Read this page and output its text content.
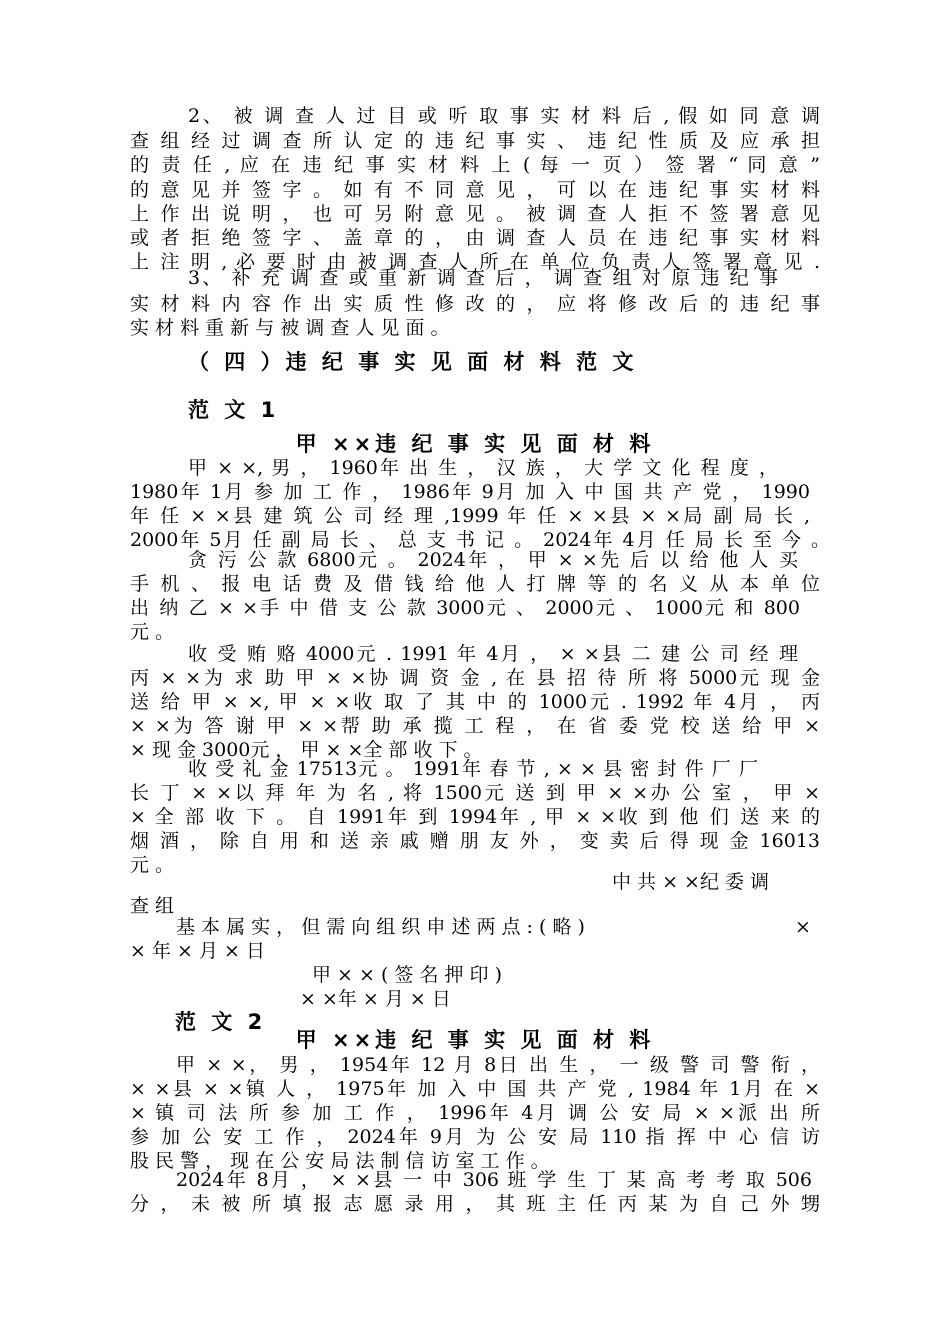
2、 被 调 查 人 过 目 或 听 取 事 实 材 料 后 , 假 如 同 意 调
查 组 经 过 调 查 所 认 定 的 违 纪 事 实 、 违 纪 性 质 及 应 承 担
的 责 任 , 应 在 违 纪 事 实 材 料 上 ( 每 一 页 ） 签 署 “ 同 意 ”
的 意 见 并 签 字 。 如 有 不 同 意 见 ， 可 以 在 违 纪 事 实 材 料
上 作 出 说 明 ， 也 可 另 附 意 见 。 被 调 查 人 拒 不 签 署 意 见
或 者 拒 绝 签 字 、 盖 章 的 ， 由 调 查 人 员 在 违 纪 事 实 材 料
上 注 明 , 必 要 时 由 被 调 查 人 所 在 单 位 负 责 人 签 署 意 见 .
3、 补 充 调 查 或 重 新 调 查 后 ， 调 查 组 对 原 违 纪 事
实 材 料 内 容 作 出 实 质 性 修 改 的 ， 应 将 修 改 后 的 违 纪 事
实 材 料 重 新 与 被 调 查 人 见 面 。
（ 四 ）违 纪 事 实 见 面 材 料 范 文
范 文 1
甲 ××违 纪 事 实 见 面 材 料
甲 × ×, 男 ， 1960年 出 生 ， 汉 族 ， 大 学 文 化 程 度 ，
1980年 1月 参 加 工 作 ， 1986年 9月 加 入 中 国 共 产 党 ， 1990
年 任 × ×县 建 筑 公 司 经 理 ,1999 年 任 × ×县 × ×局 副 局 长 ,
2000年 5月 任 副 局 长 、 总 支 书 记 。 2024年 4月 任 局 长 至 今 。
贪 污 公 款 6800元 。 2024年 ， 甲 × ×先 后 以 给 他 人 买
手 机 、 报 电 话 费 及 借 钱 给 他 人 打 牌 等 的 名 义 从 本 单 位
出 纳 乙 × ×手 中 借 支 公 款 3000元 、 2000元 、 1000元 和 800
元 。
收 受 贿 赂 4000元 . 1991 年 4月 ， × ×县 二 建 公 司 经 理
丙 × ×为 求 助 甲 × ×协 调 资 金 , 在 县 招 待 所 将 5000元 现 金
送 给 甲 × ×, 甲 × ×收 取 了 其 中 的 1000元 . 1992 年 4月 ， 丙
× ×为 答 谢 甲 × ×帮 助 承 揽 工 程 ， 在 省 委 党 校 送 给 甲 ×
× 现 金 3000元 ， 甲 × ×全 部 收 下 。
收 受 礼 金 17513元 。 1991年 春 节 , × × 县 密 封 件 厂 厂
长 丁 × ×以 拜 年 为 名 , 将 1500元 送 到 甲 × ×办 公 室 ， 甲 ×
× 全 部 收 下 。 自 1991年 到 1994年 , 甲 × ×收 到 他 们 送 来 的
烟 酒 ， 除 自 用 和 送 亲 戚 赠 朋 友 外 ， 变 卖 后 得 现 金 16013
元 。
中 共 × ×纪 委 调
查 组
基 本 属 实 ， 但 需 向 组 织 申 述 两 点 : ( 略 )	×
× 年 × 月 × 日
甲 × × ( 签 名 押 印 )
× ×年 × 月 × 日
范 文 2
甲 ××违 纪 事 实 见 面 材 料
甲 × ×， 男 ， 1954年 12 月 8日 出 生 ， 一 级 警 司 警 衔 ，
× ×县 × ×镇 人 ， 1975年 加 入 中 国 共 产 党 , 1984 年 1月 在 ×
× 镇 司 法 所 参 加 工 作 ， 1996年 4月 调 公 安 局 × ×派 出 所
参 加 公 安 工 作 ， 2024年 9月 为 公 安 局 110 指 挥 中 心 信 访
股 民 警 ， 现 在 公 安 局 法 制 信 访 室 工 作 。
2024年 8月 ， × ×县 一 中 306 班 学 生 丁 某 高 考 考 取 506
分 ， 未 被 所 填 报 志 愿 录 用 ， 其 班 主 任 丙 某 为 自 己 外 甥
